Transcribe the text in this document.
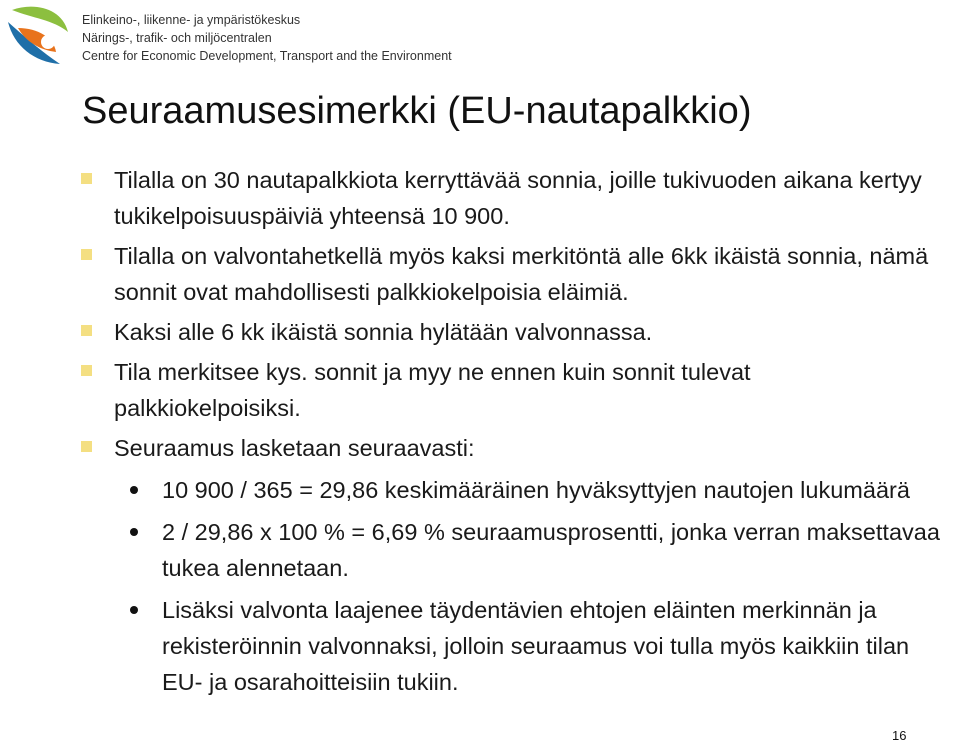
Elinkeino-, liikenne- ja ympäristökeskus
Närings-, trafik- och miljöcentralen
Centre for Economic Development, Transport and the Environment
Seuraamusesimerkki (EU-nautapalkkio)
Tilalla on 30 nautapalkkiota kerryttävää sonnia, joille tukivuoden aikana kertyy tukikelpoisuuspäiviä yhteensä 10 900.
Tilalla on valvontahetkellä myös kaksi merkitöntä alle 6kk ikäistä sonnia, nämä sonnit ovat mahdollisesti palkkiokelpoisia eläimiä.
Kaksi alle 6 kk ikäistä sonnia hylätään valvonnassa.
Tila merkitsee kys. sonnit ja myy ne ennen kuin sonnit tulevat palkkiokelpoisiksi.
Seuraamus lasketaan seuraavasti:
10 900 / 365 = 29,86 keskimääräinen hyväksyttyjen nautojen lukumäärä
2 / 29,86 x 100 % = 6,69 % seuraamusprosentti, jonka verran maksettavaa tukea alennetaan.
Lisäksi valvonta laajenee täydentävien ehtojen eläinten merkinnän ja rekisteröinnin valvonnaksi, jolloin seuraamus voi tulla myös kaikkiin tilan EU- ja osarahoitteisiin tukiin.
16
